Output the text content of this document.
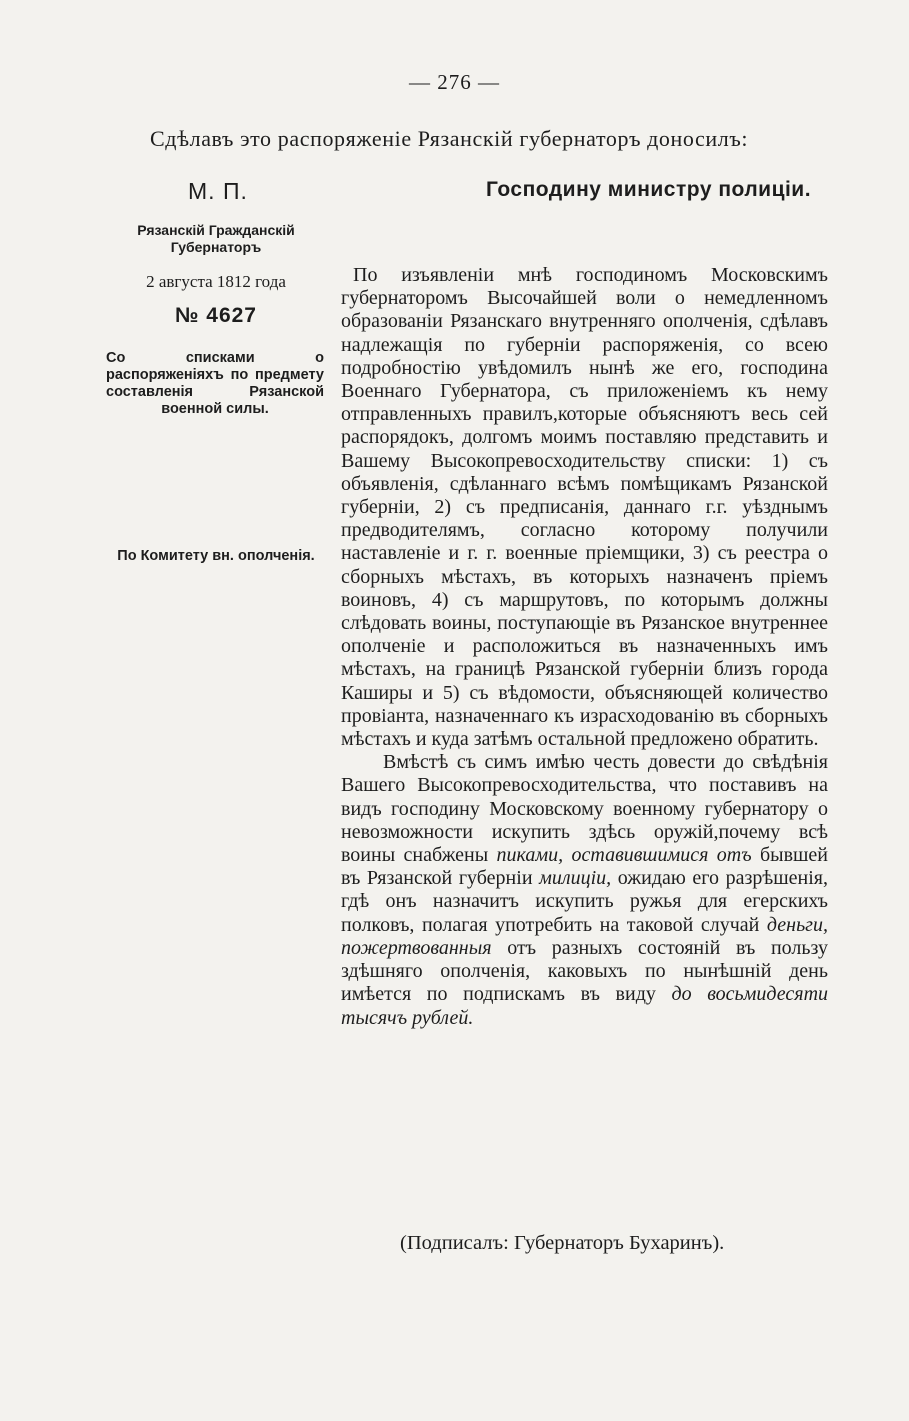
— 276 —
Сдѣлавъ это распоряженіе Рязанскій губернаторъ доносилъ:
М. П.	Господину министру полиціи.
Рязанскій Гражданскій Губернаторъ
2 августа 1812 года
№ 4627
Со списками о распоряженіяхъ по предмету составленія Рязанской военной силы.
По Комитету вн. ополченія.

По изъявленіи мнѣ господиномъ Московскимъ губернаторомъ Высочайшей воли о немедленномъ образованіи Рязанскаго внутренняго ополченія, сдѣлавъ надлежащія по губерніи распоряженія, со всею подробностію увѣдомилъ нынѣ же его, господина Военнаго Губернатора, съ приложеніемъ къ нему отправленныхъ правилъ,которые объясняютъ весь сей распорядокъ, долгомъ моимъ поставляю представить и Вашему Высокопревосходительству списки: 1) съ объявленія, сдѣланнаго всѣмъ помѣщикамъ Рязанской губерніи, 2) съ предписанія, даннаго г.г. уѣзднымъ предводителямъ, согласно которому получили наставленіе и г. г. военные пріемщики, 3) съ реестра о сборныхъ мѣстахъ, въ которыхъ назначенъ пріемъ воиновъ, 4) съ маршрутовъ, по которымъ должны слѣдовать воины, поступающіе въ Рязанское внутреннее ополченіе и расположиться въ назначенныхъ имъ мѣстахъ, на границѣ Рязанской губерніи близъ города Каширы и 5) съ вѣдомости, объясняющей количество провіанта, назначеннаго къ израсходованію въ сборныхъ мѣстахъ и куда затѣмъ остальной предложено обратить.

Вмѣстѣ съ симъ имѣю честь довести до свѣдѣнія Вашего Высокопревосходительства, что поставивъ на видъ господину Московскому военному губернатору о невозможности искупить здѣсь оружій,почему всѣ воины снабжены пиками, оставившимися отъ бывшей въ Рязанской губерніи милиціи, ожидаю его разрѣшенія, гдѣ онъ назначитъ искупить ружья для егерскихъ полковъ, полагая употребить на таковой случай деньги, пожертвованныя отъ разныхъ состояній въ пользу здѣшняго ополченія, каковыхъ по нынѣшній день имѣется по подпискамъ въ виду до восьмидесяти тысячъ рублей.

(Подписалъ: Губернаторъ Бухаринъ).
